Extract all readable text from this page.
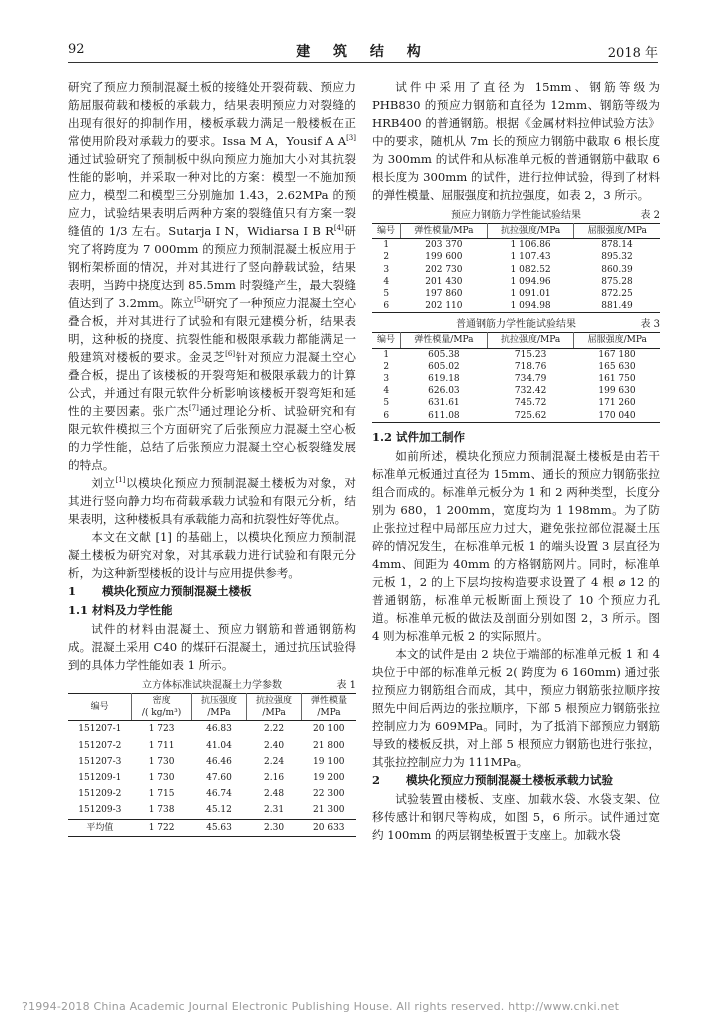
92	建 筑 结 构	2018 年

研究了预应力预制混凝土板的接缝处开裂荷载、预应力筋屈服荷载和楼板的承载力，结果表明预应力对裂缝的出现有很好的抑制作用，楼板承载力满足一般楼板在正常使用阶段对承载力的要求。Issa M A，Yousif A A[3]通过试验研究了预制板中纵向预应力施加大小对其抗裂性能的影响，并采取一种对比的方案：模型一不施加预应力，模型二和模型三分别施加 1.43，2.62MPa 的预应力，试验结果表明后两种方案的裂缝值只有方案一裂缝值的 1/3 左右。Sutarja I N，Widiarsa I B R[4]研究了将跨度为 7 000mm 的预应力预制混凝土板应用于钢桁架桥面的情况，并对其进行了竖向静载试验，结果表明，当跨中挠度达到 85.5mm 时裂缝产生，最大裂缝值达到了 3.2mm。陈立[5]研究了一种预应力混凝土空心叠合板，并对其进行了试验和有限元建模分析，结果表明，这种板的挠度、抗裂性能和极限承载力都能满足一般建筑对楼板的要求。金灵芝[6]针对预应力混凝土空心叠合板，提出了该楼板的开裂弯矩和极限承载力的计算公式，并通过有限元软件分析影响该楼板开裂弯矩和延性的主要因素。张广杰[7]通过理论分析、试验研究和有限元软件模拟三个方面研究了后张预应力混凝土空心板的力学性能，总结了后张预应力混凝土空心板裂缝发展的特点。

刘立[1]以模块化预应力预制混凝土楼板为对象，对其进行竖向静力均布荷载承载力试验和有限元分析，结果表明，这种楼板具有承载能力高和抗裂性好等优点。

本文在文献 [1] 的基础上，以模块化预应力预制混凝土楼板为研究对象，对其承载力进行试验和有限元分析，为这种新型楼板的设计与应用提供参考。

1 模块化预应力预制混凝土楼板
1.1 材料及力学性能

试件的材料由混凝土、预应力钢筋和普通钢筋构成。混凝土采用 C40 的煤矸石混凝土，通过抗压试验得到的具体力学性能如表 1 所示。

立方体标准试块混凝土力学参数	表 1
编号	密度
/( kg/m³)	抗压强度
/MPa	抗拉强度
/MPa	弹性模量
/MPa
151207-1	1 723	46.83	2.22	20 100
151207-2	1 711	41.04	2.40	21 800
151207-3	1 730	46.46	2.24	19 100
151209-1	1 730	47.60	2.16	19 200
151209-2	1 715	46.74	2.48	22 300
151209-3	1 738	45.12	2.31	21 300
平均值	1 722	45.63	2.30	20 633

试件中采用了直径为 15mm、钢筋等级为 PHB830 的预应力钢筋和直径为 12mm、钢筋等级为 HRB400 的普通钢筋。根据《金属材料拉伸试验方法》中的要求，随机从 7m 长的预应力钢筋中截取 6 根长度为 300mm 的试件和从标准单元板的普通钢筋中截取 6 根长度为 300mm 的试件，进行拉伸试验，得到了材料的弹性模量、屈服强度和抗拉强度，如表 2，3 所示。

预应力钢筋力学性能试验结果	表 2
编号	弹性模量/MPa	抗拉强度/MPa	屈服强度/MPa
1	203 370	1 106.86	878.14
2	199 600	1 107.43	895.32
3	202 730	1 082.52	860.39
4	201 430	1 094.96	875.28
5	197 860	1 091.01	872.25
6	202 110	1 094.98	881.49
普通钢筋力学性能试验结果	表 3
编号	弹性模量/MPa	抗拉强度/MPa	屈服强度/MPa
1	605.38	715.23	167 180
2	605.02	718.76	165 630
3	619.18	734.79	161 750
4	626.03	732.42	199 630
5	631.61	745.72	171 260
6	611.08	725.62	170 040
1.2 试件加工制作

如前所述，模块化预应力预制混凝土楼板是由若干标准单元板通过直径为 15mm、通长的预应力钢筋张拉组合而成的。标准单元板分为 1 和 2 两种类型，长度分别为 680，1 200mm，宽度均为 1 198mm。为了防止张拉过程中局部压应力过大，避免张拉部位混凝土压碎的情况发生，在标准单元板 1 的端头设置 3 层直径为 4mm、间距为 40mm 的方格钢筋网片。同时，标准单元板 1，2 的上下层均按构造要求设置了 4 根 ⌀ 12 的普通钢筋，标准单元板断面上预设了 10 个预应力孔道。标准单元板的做法及剖面分别如图 2，3 所示。图 4 则为标准单元板 2 的实际照片。

本文的试件是由 2 块位于端部的标准单元板 1 和 4 块位于中部的标准单元板 2( 跨度为 6 160mm) 通过张拉预应力钢筋组合而成，其中，预应力钢筋张拉顺序按照先中间后两边的张拉顺序，下部 5 根预应力钢筋张拉控制应力为 609MPa。同时，为了抵消下部预应力钢筋导致的楼板反拱，对上部 5 根预应力钢筋也进行张拉，其张拉控制应力为 111MPa。

2 模块化预应力预制混凝土楼板承载力试验

试验装置由楼板、支座、加载水袋、水袋支架、位移传感计和钢尺等构成，如图 5，6 所示。试件通过宽约 100mm 的两层钢垫板置于支座上。加载水袋

?1994-2018 China Academic Journal Electronic Publishing House. All rights reserved. http://www.cnki.net
